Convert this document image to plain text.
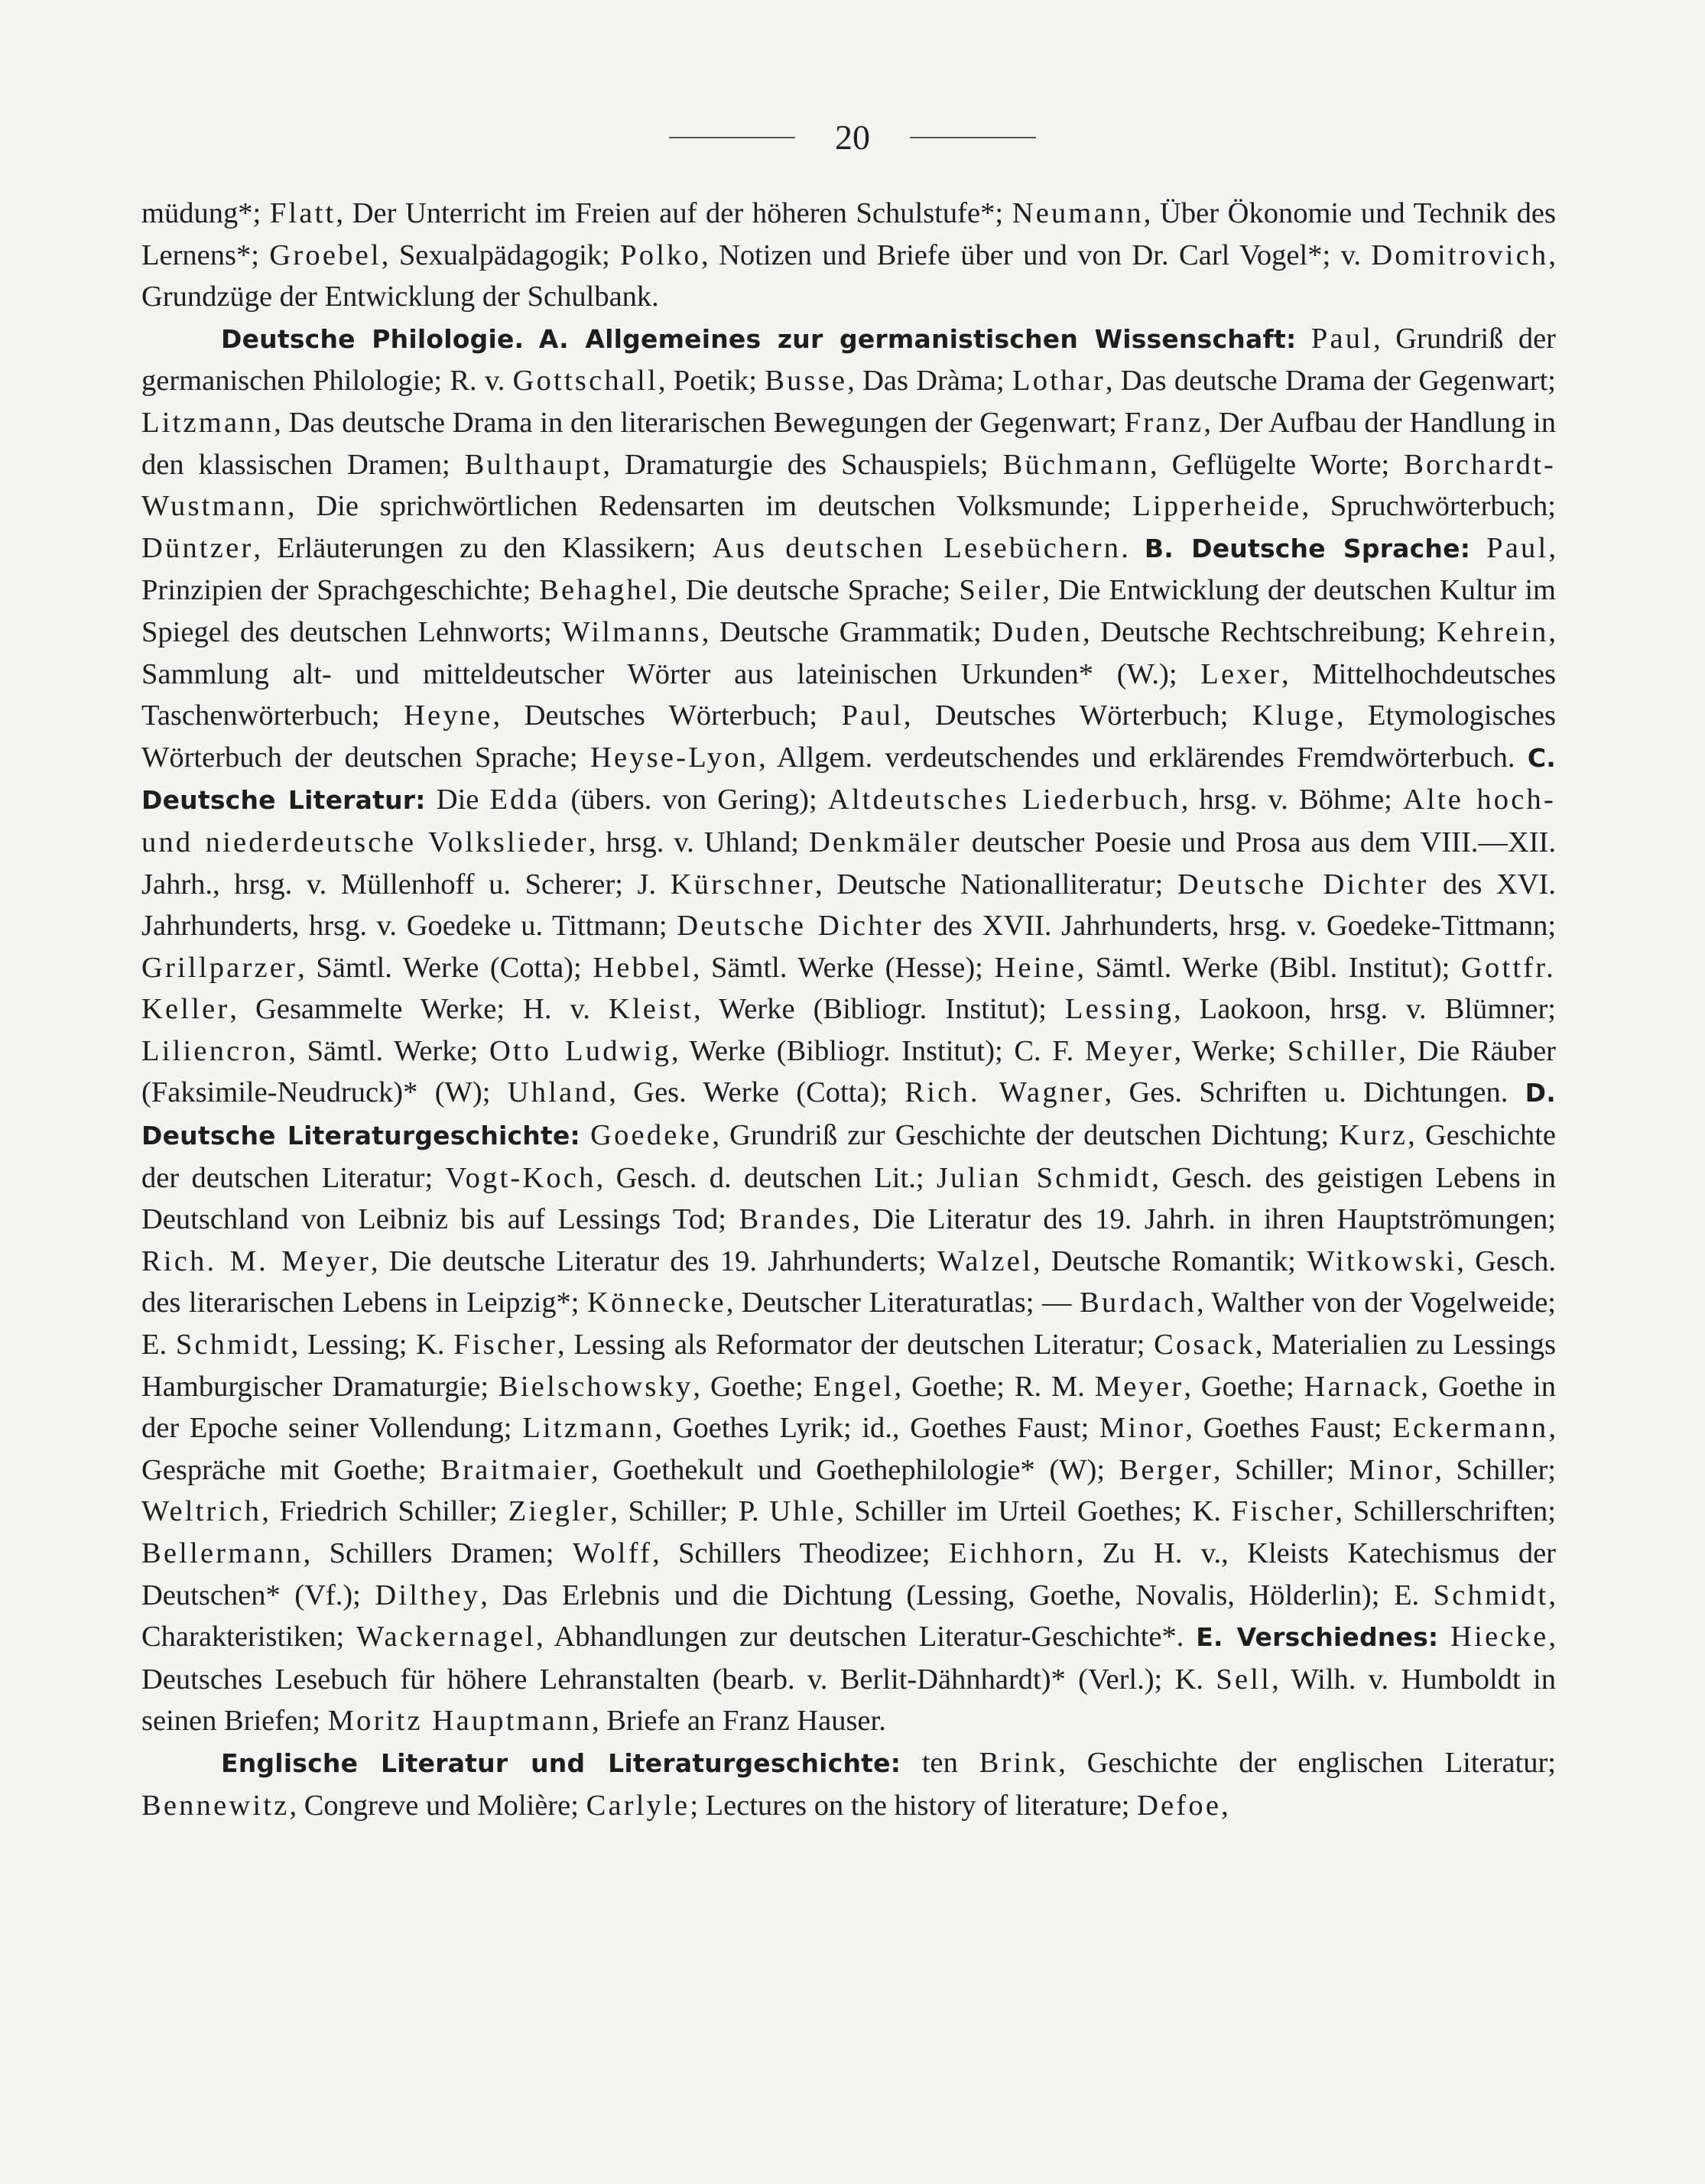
20

müdung*; Flatt, Der Unterricht im Freien auf der höheren Schulstufe*; Neumann, Über Ökonomie und Technik des Lernens*; Groebel, Sexualpädagogik; Polko, Notizen und Briefe über und von Dr. Carl Vogel*; v. Domitrovich, Grundzüge der Entwicklung der Schulbank.

Deutsche Philologie. A. Allgemeines zur germanistischen Wissenschaft: Paul, Grundriß der germanischen Philologie; R. v. Gottschall, Poetik; Busse, Das Dràma; Lothar, Das deutsche Drama der Gegenwart; Litzmann, Das deutsche Drama in den literarischen Bewegungen der Gegenwart; Franz, Der Aufbau der Handlung in den klassischen Dramen; Bulthaupt, Dramaturgie des Schauspiels; Büchmann, Geflügelte Worte; Borchardt-Wustmann, Die sprichwörtlichen Redensarten im deutschen Volksmunde; Lipperheide, Spruchwörterbuch; Düntzer, Erläuterungen zu den Klassikern; Aus deutschen Lesebüchern. B. Deutsche Sprache: Paul, Prinzipien der Sprachgeschichte; Behaghel, Die deutsche Sprache; Seiler, Die Entwicklung der deutschen Kultur im Spiegel des deutschen Lehnworts; Wilmanns, Deutsche Grammatik; Duden, Deutsche Rechtschreibung; Kehrein, Sammlung alt- und mitteldeutscher Wörter aus lateinischen Urkunden* (W.); Lexer, Mittelhochdeutsches Taschenwörterbuch; Heyne, Deutsches Wörterbuch; Paul, Deutsches Wörterbuch; Kluge, Etymologisches Wörterbuch der deutschen Sprache; Heyse-Lyon, Allgem. verdeutschendes und erklärendes Fremdwörterbuch. C. Deutsche Literatur: Die Edda (übers. von Gering); Altdeutsches Liederbuch, hrsg. v. Böhme; Alte hoch- und niederdeutsche Volkslieder, hrsg. v. Uhland; Denkmäler deutscher Poesie und Prosa aus dem VIII.—XII. Jahrh., hrsg. v. Müllenhoff u. Scherer; J. Kürschner, Deutsche Nationalliteratur; Deutsche Dichter des XVI. Jahrhunderts, hrsg. v. Goedeke u. Tittmann; Deutsche Dichter des XVII. Jahrhunderts, hrsg. v. Goedeke-Tittmann; Grillparzer, Sämtl. Werke (Cotta); Hebbel, Sämtl. Werke (Hesse); Heine, Sämtl. Werke (Bibl. Institut); Gottfr. Keller, Gesammelte Werke; H. v. Kleist, Werke (Bibliogr. Institut); Lessing, Laokoon, hrsg. v. Blümner; Liliencron, Sämtl. Werke; Otto Ludwig, Werke (Bibliogr. Institut); C. F. Meyer, Werke; Schiller, Die Räuber (Faksimile-Neudruck)* (W); Uhland, Ges. Werke (Cotta); Rich. Wagner, Ges. Schriften u. Dichtungen. D. Deutsche Literaturgeschichte: Goedeke, Grundriß zur Geschichte der deutschen Dichtung; Kurz, Geschichte der deutschen Literatur; Vogt-Koch, Gesch. d. deutschen Lit.; Julian Schmidt, Gesch. des geistigen Lebens in Deutschland von Leibniz bis auf Lessings Tod; Brandes, Die Literatur des 19. Jahrh. in ihren Hauptströmungen; Rich. M. Meyer, Die deutsche Literatur des 19. Jahrhunderts; Walzel, Deutsche Romantik; Witkowski, Gesch. des literarischen Lebens in Leipzig*; Könnecke, Deutscher Literaturatlas; — Burdach, Walther von der Vogelweide; E. Schmidt, Lessing; K. Fischer, Lessing als Reformator der deutschen Literatur; Cosack, Materialien zu Lessings Hamburgischer Dramaturgie; Bielschowsky, Goethe; Engel, Goethe; R. M. Meyer, Goethe; Harnack, Goethe in der Epoche seiner Vollendung; Litzmann, Goethes Lyrik; id., Goethes Faust; Minor, Goethes Faust; Eckermann, Gespräche mit Goethe; Braitmaier, Goethekult und Goethephilologie* (W); Berger, Schiller; Minor, Schiller; Weltrich, Friedrich Schiller; Ziegler, Schiller; P. Uhle, Schiller im Urteil Goethes; K. Fischer, Schillerschriften; Bellermann, Schillers Dramen; Wolff, Schillers Theodizee; Eichhorn, Zu H. v., Kleists Katechismus der Deutschen* (Vf.); Dilthey, Das Erlebnis und die Dichtung (Lessing, Goethe, Novalis, Hölderlin); E. Schmidt, Charakteristiken; Wackernagel, Abhandlungen zur deutschen Literatur-Geschichte*. E. Verschiednes: Hiecke, Deutsches Lesebuch für höhere Lehranstalten (bearb. v. Berlit-Dähnhardt)* (Verl.); K. Sell, Wilh. v. Humboldt in seinen Briefen; Moritz Hauptmann, Briefe an Franz Hauser.

Englische Literatur und Literaturgeschichte: ten Brink, Geschichte der englischen Literatur; Bennewitz, Congreve und Molière; Carlyle; Lectures on the history of literature; Defoe,
